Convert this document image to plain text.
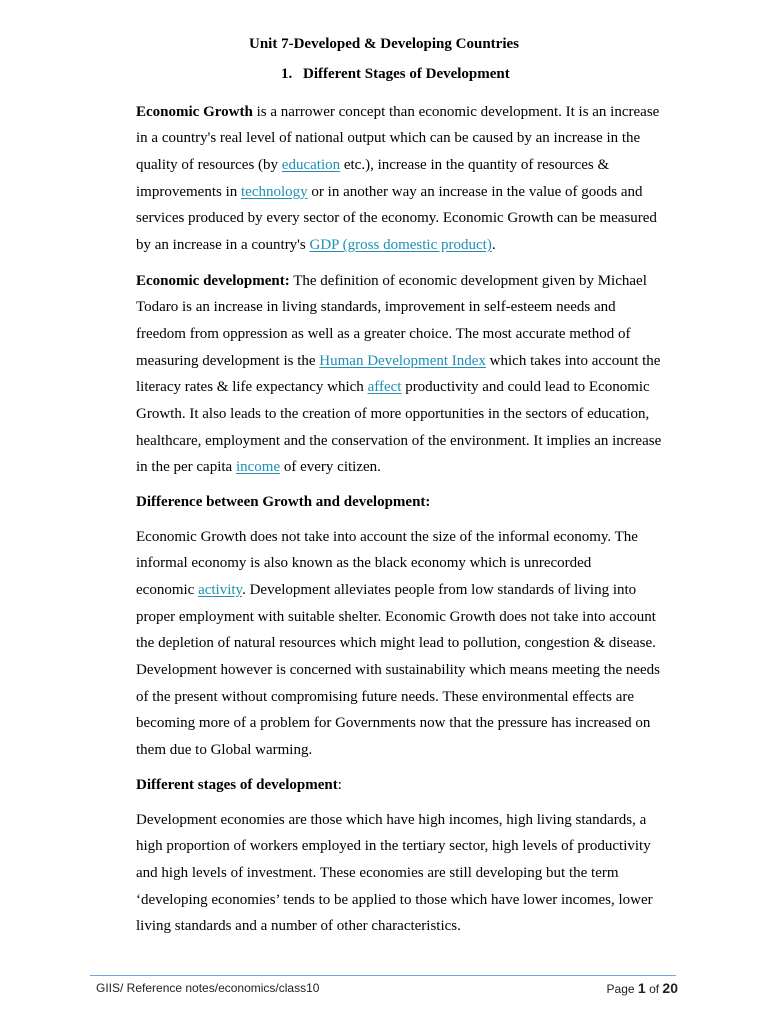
Unit 7-Developed & Developing Countries
1. Different Stages of Development
Economic Growth is a narrower concept than economic development. It is an increase
in a country's real level of national output which can be caused by an increase in the
quality of resources (by education etc.), increase in the quantity of resources &
improvements in technology or in another way an increase in the value of goods and
services produced by every sector of the economy. Economic Growth can be measured
by an increase in a country's GDP (gross domestic product).
Economic development: The definition of economic development given by Michael
Todaro is an increase in living standards, improvement in self-esteem needs and
freedom from oppression as well as a greater choice. The most accurate method of
measuring development is the Human Development Index which takes into account the
literacy rates & life expectancy which affect productivity and could lead to Economic
Growth. It also leads to the creation of more opportunities in the sectors of education,
healthcare, employment and the conservation of the environment. It implies an increase
in the per capita income of every citizen.
Difference between Growth and development:
Economic Growth does not take into account the size of the informal economy. The
informal economy is also known as the black economy which is unrecorded
economic activity. Development alleviates people from low standards of living into
proper employment with suitable shelter. Economic Growth does not take into account
the depletion of natural resources which might lead to pollution, congestion & disease.
Development however is concerned with sustainability which means meeting the needs
of the present without compromising future needs. These environmental effects are
becoming more of a problem for Governments now that the pressure has increased on
them due to Global warming.
Different stages of development:
Development economies are those which have high incomes, high living standards, a
high proportion of workers employed in the tertiary sector, high levels of productivity
and high levels of investment. These economies are still developing but the term
‘developing economies’ tends to be applied to those which have lower incomes, lower
living standards and a number of other characteristics.
GIIS/ Reference notes/economics/class10	Page 1 of 20
